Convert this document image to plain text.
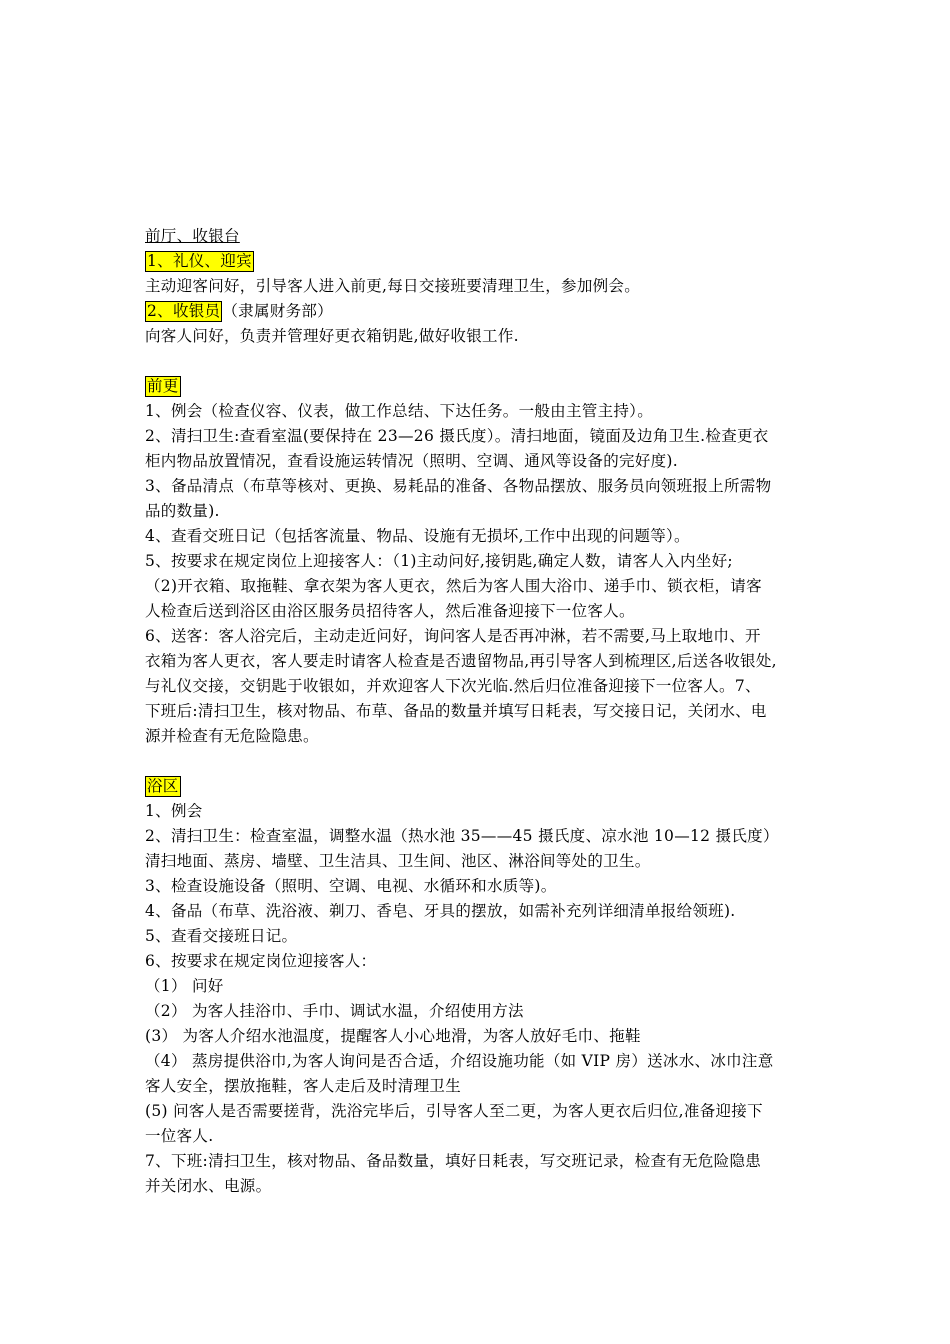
前厅、收银台
1、礼仪、迎宾
主动迎客问好，引导客人进入前更,每日交接班要清理卫生，参加例会。
2、收银员 （隶属财务部）
向客人问好，负责并管理好更衣箱钥匙,做好收银工作.
前更
1、例会（检查仪容、仪表，做工作总结、下达任务。一般由主管主持）。
2、清扫卫生:查看室温(要保持在 23—26 摄氏度）。清扫地面，镜面及边角卫生.检查更衣
柜内物品放置情况，查看设施运转情况（照明、空调、通风等设备的完好度).
3、备品清点（布草等核对、更换、易耗品的准备、各物品摆放、服务员向领班报上所需物
品的数量).
4、查看交班日记（包括客流量、物品、设施有无损坏,工作中出现的问题等）。
5、按要求在规定岗位上迎接客人：（1)主动问好,接钥匙,确定人数，请客人入内坐好;
（2)开衣箱、取拖鞋、拿衣架为客人更衣，然后为客人围大浴巾、递手巾、锁衣柜，请客
人检查后送到浴区由浴区服务员招待客人，然后准备迎接下一位客人。
6、送客：客人浴完后，主动走近问好，询问客人是否再冲淋，若不需要,马上取地巾、开
衣箱为客人更衣，客人要走时请客人检查是否遗留物品,再引导客人到梳理区,后送各收银处,
与礼仪交接，交钥匙于收银如，并欢迎客人下次光临.然后归位准备迎接下一位客人。7、
下班后:清扫卫生，核对物品、布草、备品的数量并填写日耗表，写交接日记，关闭水、电
源并检查有无危险隐患。
浴区
1、例会
2、清扫卫生：检查室温，调整水温（热水池 35——45 摄氏度、凉水池 10—12 摄氏度）
清扫地面、蒸房、墙壁、卫生洁具、卫生间、池区、淋浴间等处的卫生。
3、检查设施设备（照明、空调、电视、水循环和水质等)。
4、备品（布草、洗浴液、剃刀、香皂、牙具的摆放，如需补充列详细清单报给领班).
5、查看交接班日记。
6、按要求在规定岗位迎接客人：
（1） 问好
（2） 为客人挂浴巾、手巾、调试水温，介绍使用方法
(3） 为客人介绍水池温度，提醒客人小心地滑，为客人放好毛巾、拖鞋
（4） 蒸房提供浴巾,为客人询问是否合适，介绍设施功能（如 VIP 房）送冰水、冰巾注意
客人安全，摆放拖鞋，客人走后及时清理卫生
(5) 问客人是否需要搓背，洗浴完毕后，引导客人至二更，为客人更衣后归位,准备迎接下
一位客人.
7、下班:清扫卫生，核对物品、备品数量，填好日耗表，写交班记录，检查有无危险隐患
并关闭水、电源。
